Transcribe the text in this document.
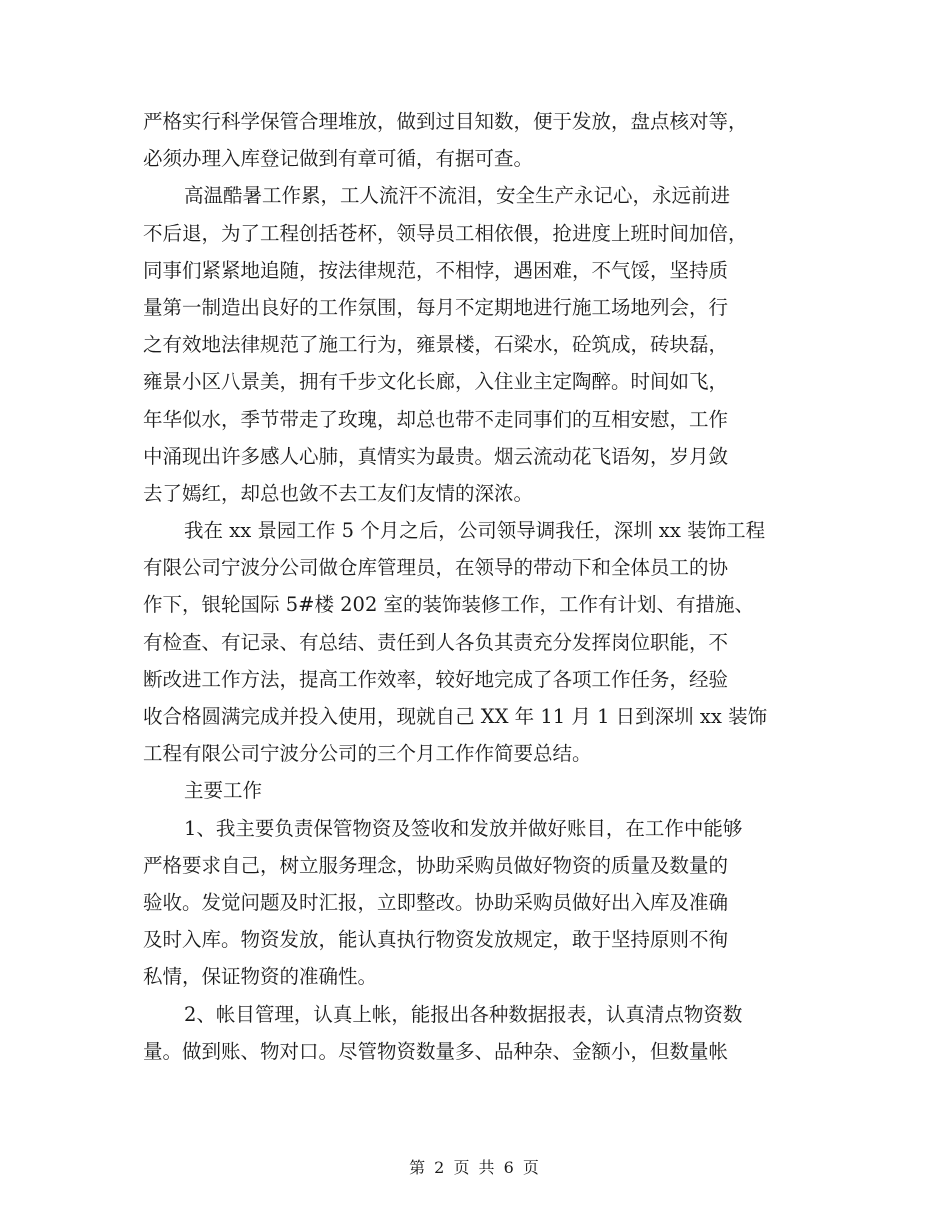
严格实行科学保管合理堆放，做到过目知数，便于发放，盘点核对等，
必须办理入库登记做到有章可循，有据可查。
高温酷暑工作累，工人流汗不流泪，安全生产永记心，永远前进
不后退，为了工程创括苍杯，领导员工相依偎，抢进度上班时间加倍，
同事们紧紧地追随，按法律规范，不相悖，遇困难，不气馁，坚持质
量第一制造出良好的工作氛围，每月不定期地进行施工场地列会，行
之有效地法律规范了施工行为，雍景楼，石梁水，砼筑成，砖块磊，
雍景小区八景美，拥有千步文化长廊，入住业主定陶醉。时间如飞，
年华似水，季节带走了玫瑰，却总也带不走同事们的互相安慰，工作
中涌现出许多感人心肺，真情实为最贵。烟云流动花飞语匆，岁月敛
去了嫣红，却总也敛不去工友们友情的深浓。
我在 xx 景园工作 5 个月之后，公司领导调我任，深圳 xx 装饰工程
有限公司宁波分公司做仓库管理员，在领导的带动下和全体员工的协
作下，银轮国际 5#楼 202 室的装饰装修工作，工作有计划、有措施、
有检查、有记录、有总结、责任到人各负其责充分发挥岗位职能，不
断改进工作方法，提高工作效率，较好地完成了各项工作任务，经验
收合格圆满完成并投入使用，现就自己 XX 年 11 月 1 日到深圳 xx 装饰
工程有限公司宁波分公司的三个月工作作简要总结。
主要工作
1、我主要负责保管物资及签收和发放并做好账目，在工作中能够
严格要求自己，树立服务理念，协助采购员做好物资的质量及数量的
验收。发觉问题及时汇报，立即整改。协助采购员做好出入库及准确
及时入库。物资发放，能认真执行物资发放规定，敢于坚持原则不徇
私情，保证物资的准确性。
2、帐目管理，认真上帐，能报出各种数据报表，认真清点物资数
量。做到账、物对口。尽管物资数量多、品种杂、金额小，但数量帐
第 2 页 共 6 页
